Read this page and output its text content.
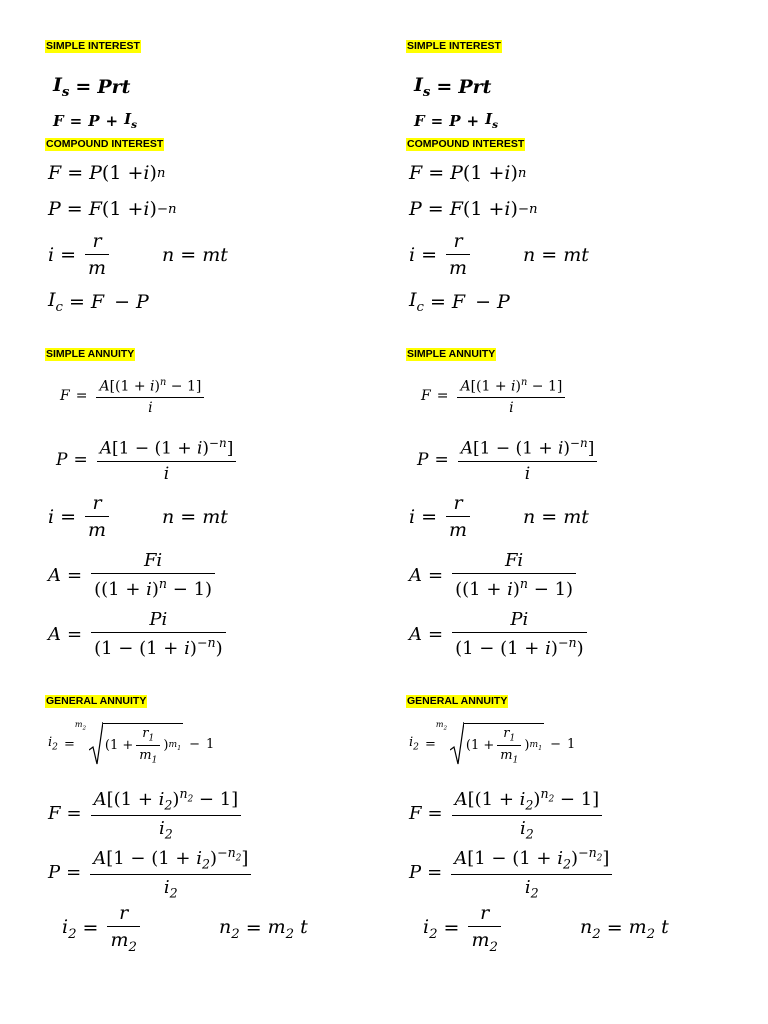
SIMPLE INTEREST
$I_s$ = Prt
$F = P + I_s$
COMPOUND INTEREST
F = P (1 + i ) n
P = F (1 + i ) −n
$i = \frac{r}{m}$	n = mt
$I_c = F - P$
SIMPLE ANNUITY
$F = \frac{A[(1 + i)^n - 1]}{i}$
$P = \frac{A[1 - (1 + i)^{-n}]}{i}$
$i = \frac{r}{m}$	n = mt
$A = \frac{Fi}{((1 + i)^n - 1)}$
$A = \frac{Pi}{(1 - (1 + i)^{-n})}$
GENERAL ANNUITY
$i_2$ =
$m_2$
($1 + \frac{r_1}{m_1}$ ) $m_1 - 1$
$F = \frac{A[(1 + i_2)^{n_2} - 1]}{i_2}$
$P = \frac{A[1 - (1 + i_2)^{-n_2}]}{i_2}$
$i_2 = \frac{r}{m_2}$	$n_2 = m_2$ t
SIMPLE INTEREST
$I_s$ = Prt
$F = P + I_s$
COMPOUND INTEREST
F = P (1 + i ) n
P = F (1 + i ) −n
$i = \frac{r}{m}$	n = mt
$I_c = F - P$
SIMPLE ANNUITY
$F = \frac{A[(1 + i)^n - 1]}{i}$
$P = \frac{A[1 - (1 + i)^{-n}]}{i}$
$i = \frac{r}{m}$	n = mt
$A = \frac{Fi}{((1 + i)^n - 1)}$
$A = \frac{Pi}{(1 - (1 + i)^{-n})}$
GENERAL ANNUITY
$i_2$ =
$m_2$
($1 + \frac{r_1}{m_1}$ ) $m_1 - 1$
$F = \frac{A[(1 + i_2)^{n_2} - 1]}{i_2}$
$P = \frac{A[1 - (1 + i_2)^{-n_2}]}{i_2}$
$i_2 = \frac{r}{m_2}$	$n_2 = m_2$ t
